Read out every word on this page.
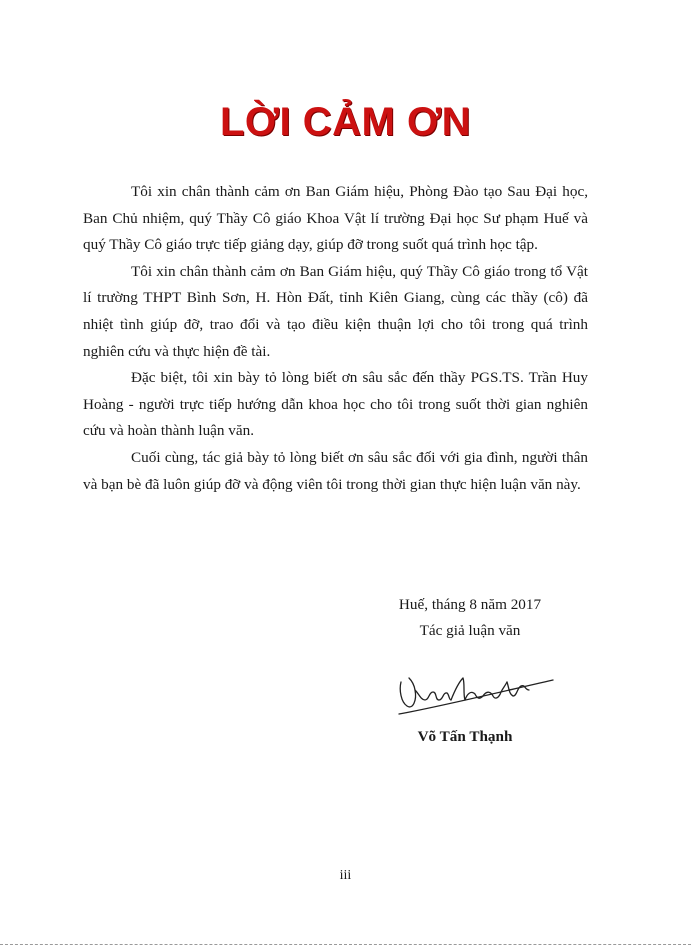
LỜI CẢM ƠN

Tôi xin chân thành cảm ơn Ban Giám hiệu, Phòng Đào tạo Sau Đại học, Ban Chủ nhiệm, quý Thầy Cô giáo Khoa Vật lí trường Đại học Sư phạm Huế và quý Thầy Cô giáo trực tiếp giảng dạy, giúp đỡ trong suốt quá trình học tập.

Tôi xin chân thành cảm ơn Ban Giám hiệu, quý Thầy Cô giáo trong tổ Vật lí trường THPT Bình Sơn, H. Hòn Đất, tỉnh Kiên Giang, cùng các thầy (cô) đã nhiệt tình giúp đỡ, trao đổi và tạo điều kiện thuận lợi cho tôi trong quá trình nghiên cứu và thực hiện đề tài.

Đặc biệt, tôi xin bày tỏ lòng biết ơn sâu sắc đến thầy PGS.TS. Trần Huy Hoàng - người trực tiếp hướng dẫn khoa học cho tôi trong suốt thời gian nghiên cứu và hoàn thành luận văn.

Cuối cùng, tác giả bày tỏ lòng biết ơn sâu sắc đối với gia đình, người thân và bạn bè đã luôn giúp đỡ và động viên tôi trong thời gian thực hiện luận văn này.

Huế, tháng 8 năm 2017
Tác giả luận văn
Võ Tấn Thạnh
iii
